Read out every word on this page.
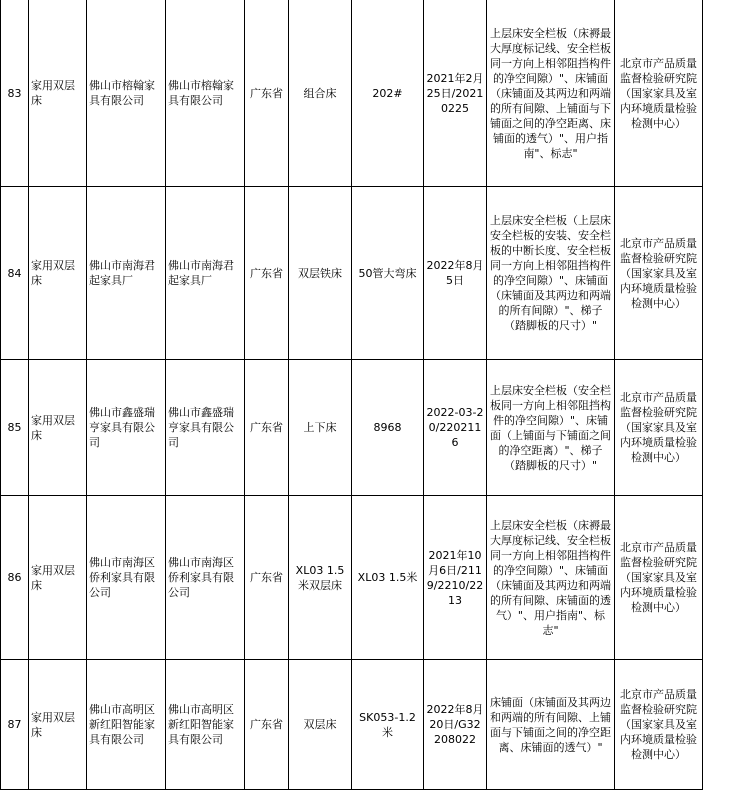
83	家用双层床	佛山市榕翰家具有限公司	佛山市榕翰家具有限公司	广东省	组合床	202#	2021年2月25日/20210225	上层床安全栏板（床褥最大厚度标记线、安全栏板同一方向上相邻阻挡构件的净空间隙）"、床铺面（床铺面及其两边和两端的所有间隙、上铺面与下铺面之间的净空距离、床铺面的透气）"、用户指南"、标志"	北京市产品质量监督检验研究院（国家家具及室内环境质量检验检测中心）	
84	家用双层床	佛山市南海君起家具厂	佛山市南海君起家具厂	广东省	双层铁床	50管大弯床	2022年8月5日	上层床安全栏板（上层床安全栏板的安装、安全栏板的中断长度、安全栏板同一方向上相邻阻挡构件的净空间隙）"、床铺面（床铺面及其两边和两端的所有间隙）"、梯子（踏脚板的尺寸）"	北京市产品质量监督检验研究院（国家家具及室内环境质量检验检测中心）	
85	家用双层床	佛山市鑫盛瑞亨家具有限公司	佛山市鑫盛瑞亨家具有限公司	广东省	上下床	8968	2022-03-20/2202116	上层床安全栏板（安全栏板同一方向上相邻阻挡构件的净空间隙）"、床铺面（上铺面与下铺面之间的净空距离）"、梯子（踏脚板的尺寸）"	北京市产品质量监督检验研究院（国家家具及室内环境质量检验检测中心）	
86	家用双层床	佛山市南海区侨利家具有限公司	佛山市南海区侨利家具有限公司	广东省	XL03 1.5米双层床	XL03 1.5米	2021年10月6日/2119/2210/2213	上层床安全栏板（床褥最大厚度标记线、安全栏板同一方向上相邻阻挡构件的净空间隙）"、床铺面（床铺面及其两边和两端的所有间隙、床铺面的透气）"、用户指南"、标志"	北京市产品质量监督检验研究院（国家家具及室内环境质量检验检测中心）	
87	家用双层床	佛山市高明区新红阳智能家具有限公司	佛山市高明区新红阳智能家具有限公司	广东省	双层床	SK053-1.2米	2022年8月20日/G32208022	床铺面（床铺面及其两边和两端的所有间隙、上铺面与下铺面之间的净空距离、床铺面的透气）"	北京市产品质量监督检验研究院（国家家具及室内环境质量检验检测中心）	
